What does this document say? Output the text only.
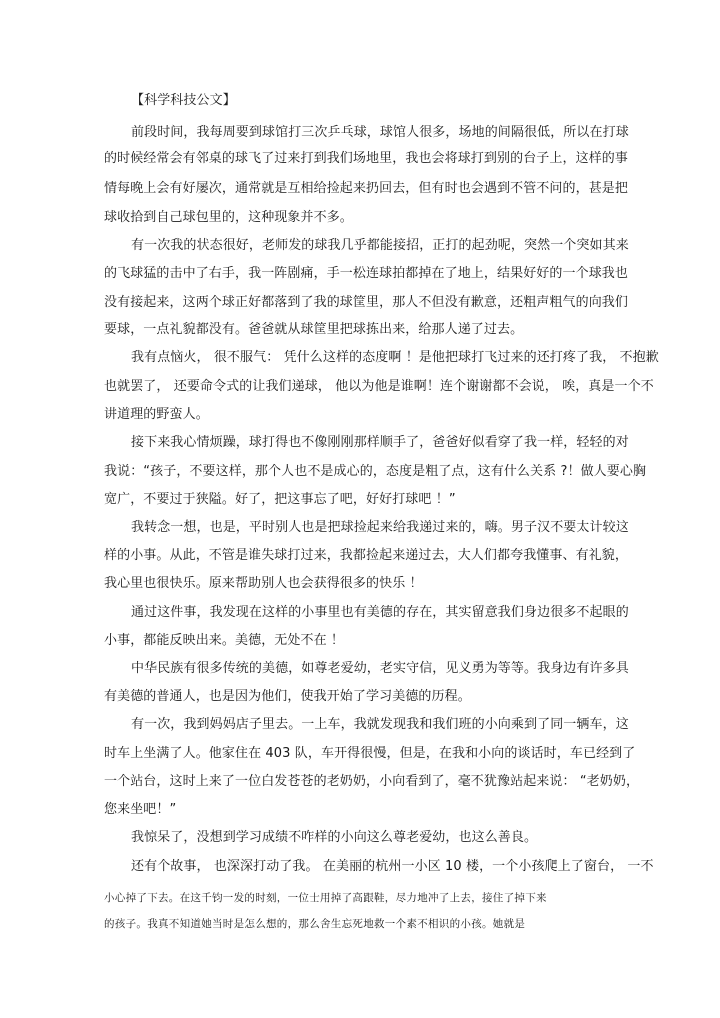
【科学科技公文】
前段时间，我每周要到球馆打三次乒乓球，球馆人很多，场地的间隔很低，所以在打球
的时候经常会有邻桌的球飞了过来打到我们场地里，我也会将球打到别的台子上，这样的事
情每晚上会有好屡次，通常就是互相给捡起来扔回去，但有时也会遇到不管不问的，甚是把
球收拾到自己球包里的，这种现象并不多。
有一次我的状态很好，老师发的球我几乎都能接招，正打的起劲呢，突然一个突如其来
的飞球猛的击中了右手，我一阵剧痛，手一松连球拍都掉在了地上，结果好好的一个球我也
没有接起来，这两个球正好都落到了我的球筐里，那人不但没有歉意，还粗声粗气的向我们
要球，一点礼貌都没有。爸爸就从球筐里把球拣出来，给那人递了过去。
我有点恼火， 很不服气： 凭什么这样的态度啊 ！是他把球打飞过来的还打疼了我， 不抱歉
也就罢了， 还要命令式的让我们递球， 他以为他是谁啊！连个谢谢都不会说， 唉，真是一个不
讲道理的野蛮人。
接下来我心情烦躁，球打得也不像刚刚那样顺手了，爸爸好似看穿了我一样，轻轻的对
我说：“孩子，不要这样，那个人也不是成心的，态度是粗了点，这有什么关系 ?！做人要心胸
宽广，不要过于狭隘。好了，把这事忘了吧，好好打球吧 ！”
我转念一想，也是，平时别人也是把球捡起来给我递过来的，嗨。男子汉不要太计较这
样的小事。从此，不管是谁失球打过来，我都捡起来递过去，大人们都夸我懂事、有礼貌，
我心里也很快乐。原来帮助别人也会获得很多的快乐 ！
通过这件事，我发现在这样的小事里也有美德的存在，其实留意我们身边很多不起眼的
小事，都能反映出来。美德，无处不在 ！
中华民族有很多传统的美德，如尊老爱幼，老实守信，见义勇为等等。我身边有许多具
有美德的普通人，也是因为他们，使我开始了学习美德的历程。
有一次，我到妈妈店子里去。一上车，我就发现我和我们班的小向乘到了同一辆车，这
时车上坐满了人。他家住在 403 队，车开得很慢，但是，在我和小向的谈话时，车已经到了
一个站台，这时上来了一位白发苍苍的老奶奶，小向看到了，毫不犹豫站起来说： “老奶奶，
您来坐吧！”
我惊呆了，没想到学习成绩不咋样的小向这么尊老爱幼，也这么善良。
还有个故事， 也深深打动了我。 在美丽的杭州一小区 10 楼，一个小孩爬上了窗台， 一不
小心掉了下去。在这千钧一发的时刻，一位士用掉了高跟鞋，尽力地冲了上去，接住了掉下来
的孩子。我真不知道她当时是怎么想的，那么舍生忘死地救一个素不相识的小孩。她就是
